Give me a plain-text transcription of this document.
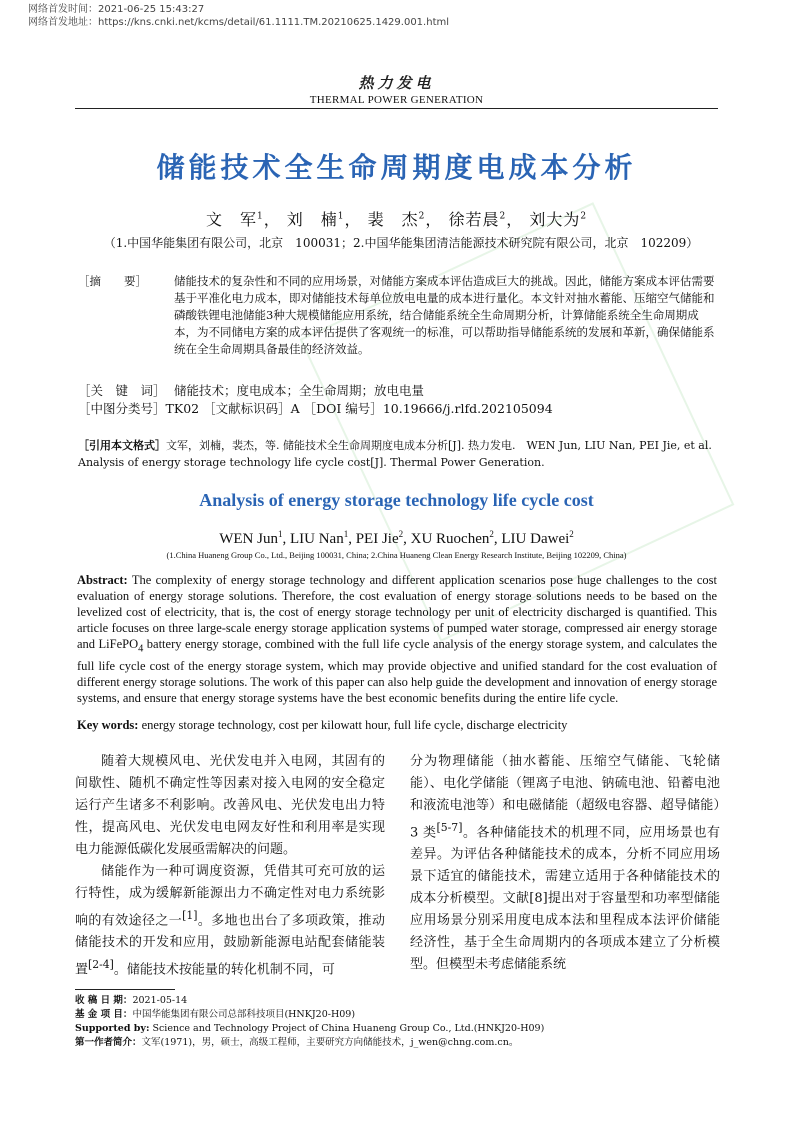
网络首发时间：2021-06-25 15:43:27
网络首发地址：https://kns.cnki.net/kcms/detail/61.1111.TM.20210625.1429.001.html
热力发电
THERMAL POWER GENERATION
储能技术全生命周期度电成本分析
文　军$^1$， 刘　楠$^1$， 裴　杰$^2$， 徐若晨$^2$， 刘大为$^2$
（1.中国华能集团有限公司，北京　100031；2.中国华能集团清洁能源技术研究院有限公司，北京　102209）
［摘　　要］	储能技术的复杂性和不同的应用场景，对储能方案成本评估造成巨大的挑战。因此，储能方案成本评估需要基于平准化电力成本，即对储能技术每单位放电电量的成本进行量化。本文针对抽水蓄能、压缩空气储能和磷酸铁锂电池储能3种大规模储能应用系统，结合储能系统全生命周期分析，计算储能系统全生命周期成本，为不同储电方案的成本评估提供了客观统一的标准，可以帮助指导储能系统的发展和革新，确保储能系统在全生命周期具备最佳的经济效益。
［关　键　词］ 储能技术；度电成本；全生命周期；放电电量
［中图分类号］TK02 ［文献标识码］A ［DOI 编号］10.19666/j.rlfd.202105094
［引用本文格式］文军，刘楠，裴杰，等. 储能技术全生命周期度电成本分析[J]. 热力发电.　WEN Jun, LIU Nan, PEI Jie, et al. Analysis of energy storage technology life cycle cost[J]. Thermal Power Generation.
Analysis of energy storage technology life cycle cost
WEN Jun$^1$, LIU Nan$^1$, PEI Jie$^2$, XU Ruochen$^2$, LIU Dawei$^2$
(1.China Huaneng Group Co., Ltd., Beijing 100031, China; 2.China Huaneng Clean Energy Research Institute, Beijing 102209, China)
Abstract: The complexity of energy storage technology and different application scenarios pose huge challenges to the cost evaluation of energy storage solutions. Therefore, the cost evaluation of energy storage solutions needs to be based on the levelized cost of electricity, that is, the cost of energy storage technology per unit of electricity discharged is quantified. This article focuses on three large-scale energy storage application systems of pumped water storage, compressed air energy storage and LiFePO$_4$ battery energy storage, combined with the full life cycle analysis of the energy storage system, and calculates the full life cycle cost of the energy storage system, which may provide objective and unified standard for the cost evaluation of different energy storage solutions. The work of this paper can also help guide the development and innovation of energy storage systems, and ensure that energy storage systems have the best economic benefits during the entire life cycle.
Key words: energy storage technology, cost per kilowatt hour, full life cycle, discharge electricity

随着大规模风电、光伏发电并入电网，其固有的间歇性、随机不确定性等因素对接入电网的安全稳定运行产生诸多不利影响。改善风电、光伏发电出力特性，提高风电、光伏发电电网友好性和利用率是实现电力能源低碳化发展亟需解决的问题。

储能作为一种可调度资源，凭借其可充可放的运行特性，成为缓解新能源出力不确定性对电力系统影响的有效途径之一[1]。多地也出台了多项政策，推动储能技术的开发和应用，鼓励新能源电站配套储能装置[2-4]。储能技术按能量的转化机制不同，可

分为物理储能（抽水蓄能、压缩空气储能、飞轮储能）、电化学储能（锂离子电池、钠硫电池、铅蓄电池和液流电池等）和电磁储能（超级电容器、超导储能）3 类[5-7]。各种储能技术的机理不同，应用场景也有差异。为评估各种储能技术的成本，分析不同应用场景下适宜的储能技术，需建立适用于各种储能技术的成本分析模型。文献[8]提出对于容量型和功率型储能应用场景分别采用度电成本法和里程成本法评价储能经济性，基于全生命周期内的各项成本建立了分析模型。但模型未考虑储能系统

收 稿 日 期：2021-05-14
基 金 项 目：中国华能集团有限公司总部科技项目(HNKJ20-H09)
Supported by: Science and Technology Project of China Huaneng Group Co., Ltd.(HNKJ20-H09)
第一作者简介：文军(1971)，男，硕士，高级工程师，主要研究方向储能技术，j_wen@chng.com.cn。
